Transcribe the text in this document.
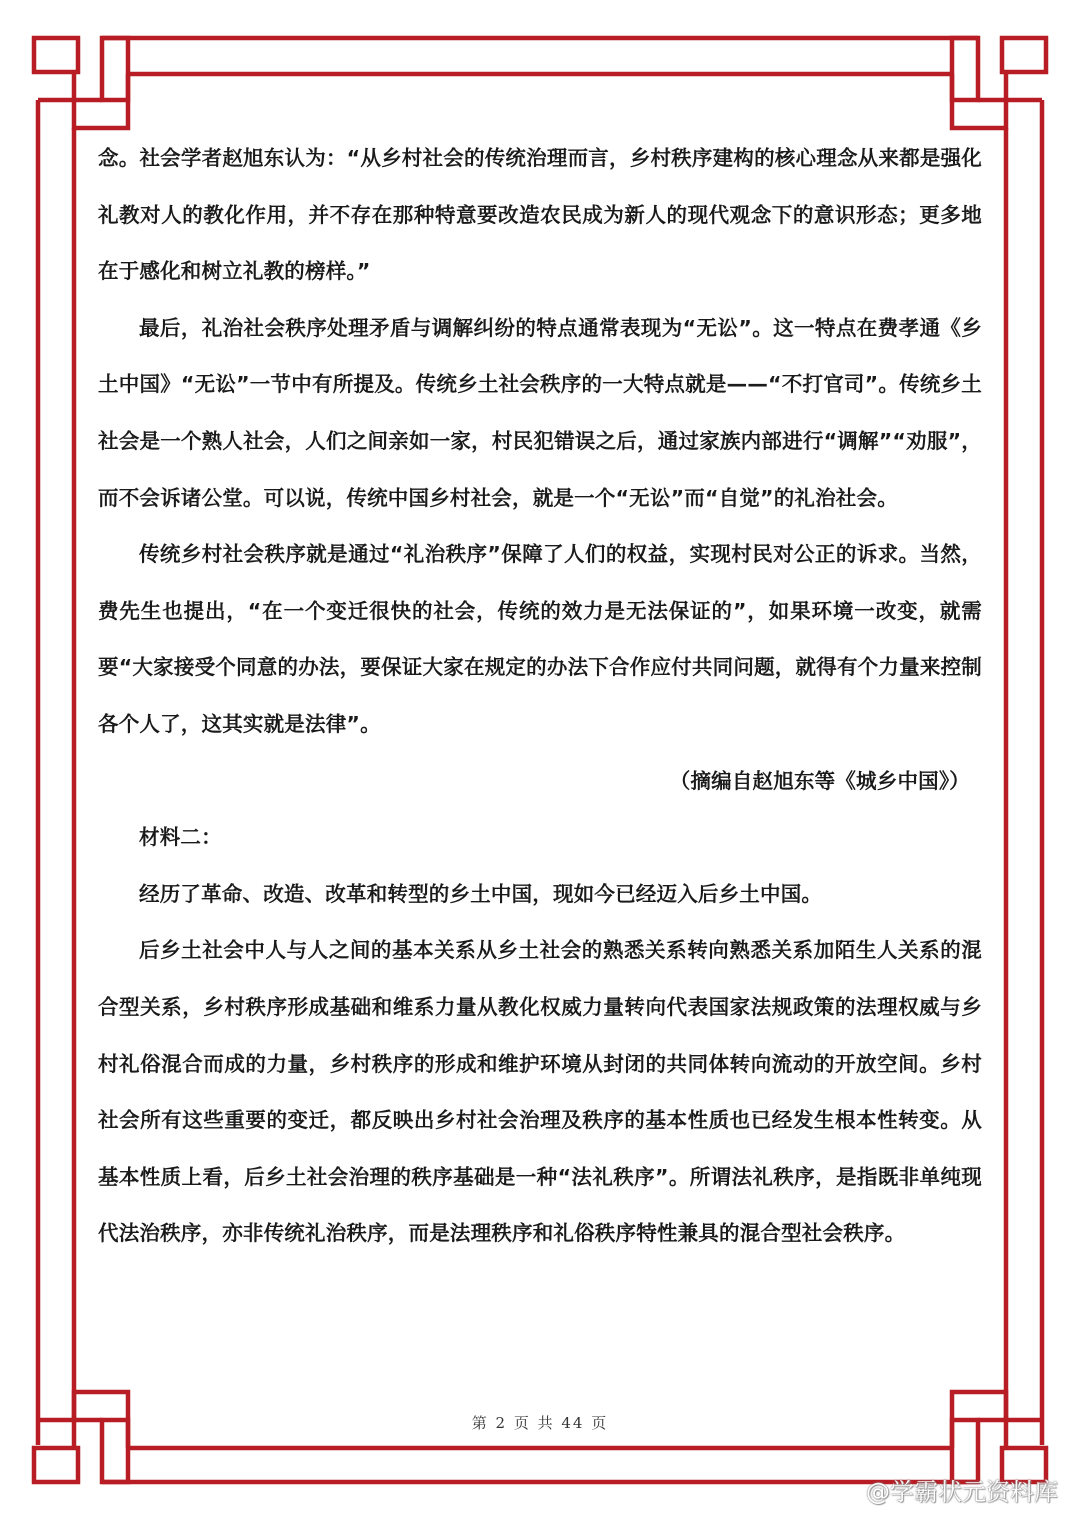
念。社会学者赵旭东认为：“从乡村社会的传统治理而言，乡村秩序建构的核心理念从来都是强化礼教对人的教化作用，并不存在那种特意要改造农民成为新人的现代观念下的意识形态；更多地在于感化和树立礼教的榜样。”

最后，礼治社会秩序处理矛盾与调解纠纷的特点通常表现为“无讼”。这一特点在费孝通《乡土中国》“无讼”一节中有所提及。传统乡土社会秩序的一大特点就是——“不打官司”。传统乡土社会是一个熟人社会，人们之间亲如一家，村民犯错误之后，通过家族内部进行“调解”“劝服”，而不会诉诸公堂。可以说，传统中国乡村社会，就是一个“无讼”而“自觉”的礼治社会。

传统乡村社会秩序就是通过“礼治秩序”保障了人们的权益，实现村民对公正的诉求。当然，费先生也提出，“在一个变迁很快的社会，传统的效力是无法保证的”，如果环境一改变，就需要“大家接受个同意的办法，要保证大家在规定的办法下合作应付共同问题，就得有个力量来控制各个人了，这其实就是法律”。

（摘编自赵旭东等《城乡中国》）

材料二：

经历了革命、改造、改革和转型的乡土中国，现如今已经迈入后乡土中国。

后乡土社会中人与人之间的基本关系从乡土社会的熟悉关系转向熟悉关系加陌生人关系的混合型关系，乡村秩序形成基础和维系力量从教化权威力量转向代表国家法规政策的法理权威与乡村礼俗混合而成的力量，乡村秩序的形成和维护环境从封闭的共同体转向流动的开放空间。乡村社会所有这些重要的变迁，都反映出乡村社会治理及秩序的基本性质也已经发生根本性转变。从基本性质上看，后乡土社会治理的秩序基础是一种“法礼秩序”。所谓法礼秩序，是指既非单纯现代法治秩序，亦非传统礼治秩序，而是法理秩序和礼俗秩序特性兼具的混合型社会秩序。

第 2 页 共 44 页
@学霸状元资料库
